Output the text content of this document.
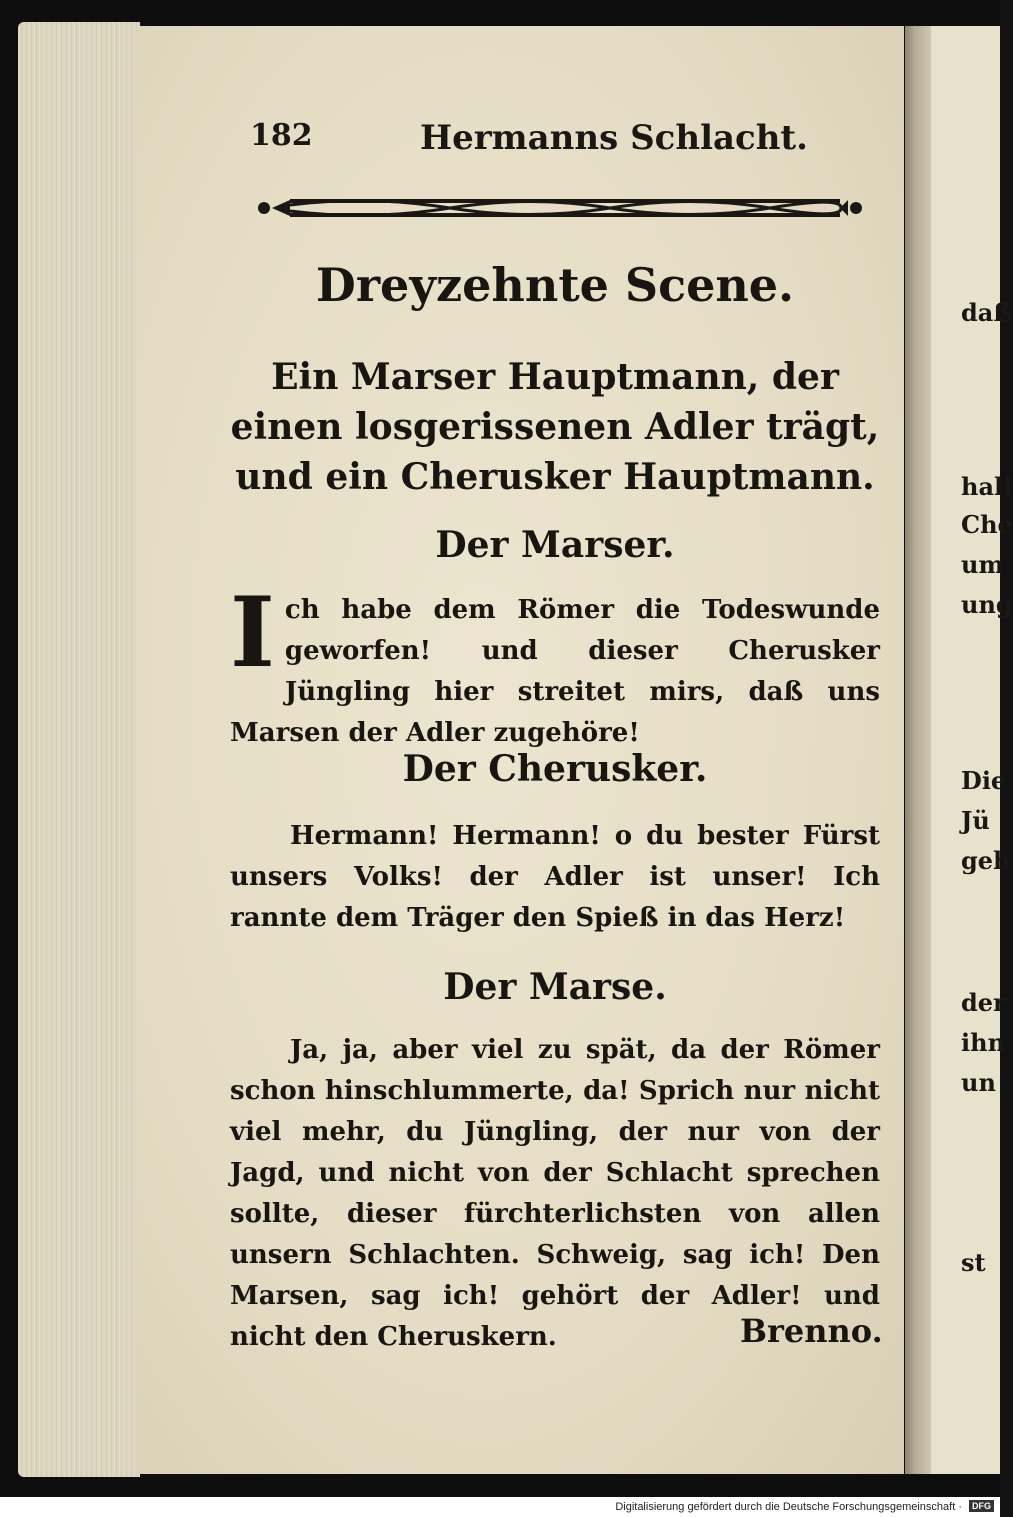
daß
hall
Che
um
ung
Die
Jü
geh
der
ihn
un
st
182	Hermanns Schlacht.
Dreyzehnte Scene.
Ein Marser Hauptmann, der einen losgerissenen Adler trägt, und ein Cherusker Hauptmann.
Der Marser.
I ch habe dem Römer die Todeswunde geworfen! und dieser Cherusker Jüngling hier streitet mirs, daß uns Marsen der Adler zugehöre!
Der Cherusker.
Hermann! Hermann! o du bester Fürst unsers Volks! der Adler ist unser! Ich rannte dem Träger den Spieß in das Herz!
Der Marse.
Ja, ja, aber viel zu spät, da der Römer schon hinschlummerte, da! Sprich nur nicht viel mehr, du Jüngling, der nur von der Jagd, und nicht von der Schlacht sprechen sollte, dieser fürchterlichsten von allen unsern Schlachten. Schweig, sag ich! Den Marsen, sag ich! gehört der Adler! und nicht den Cheruskern.	Brenno.
Digitalisierung gefördert durch die Deutsche Forschungsgemeinschaft ·	DFG
